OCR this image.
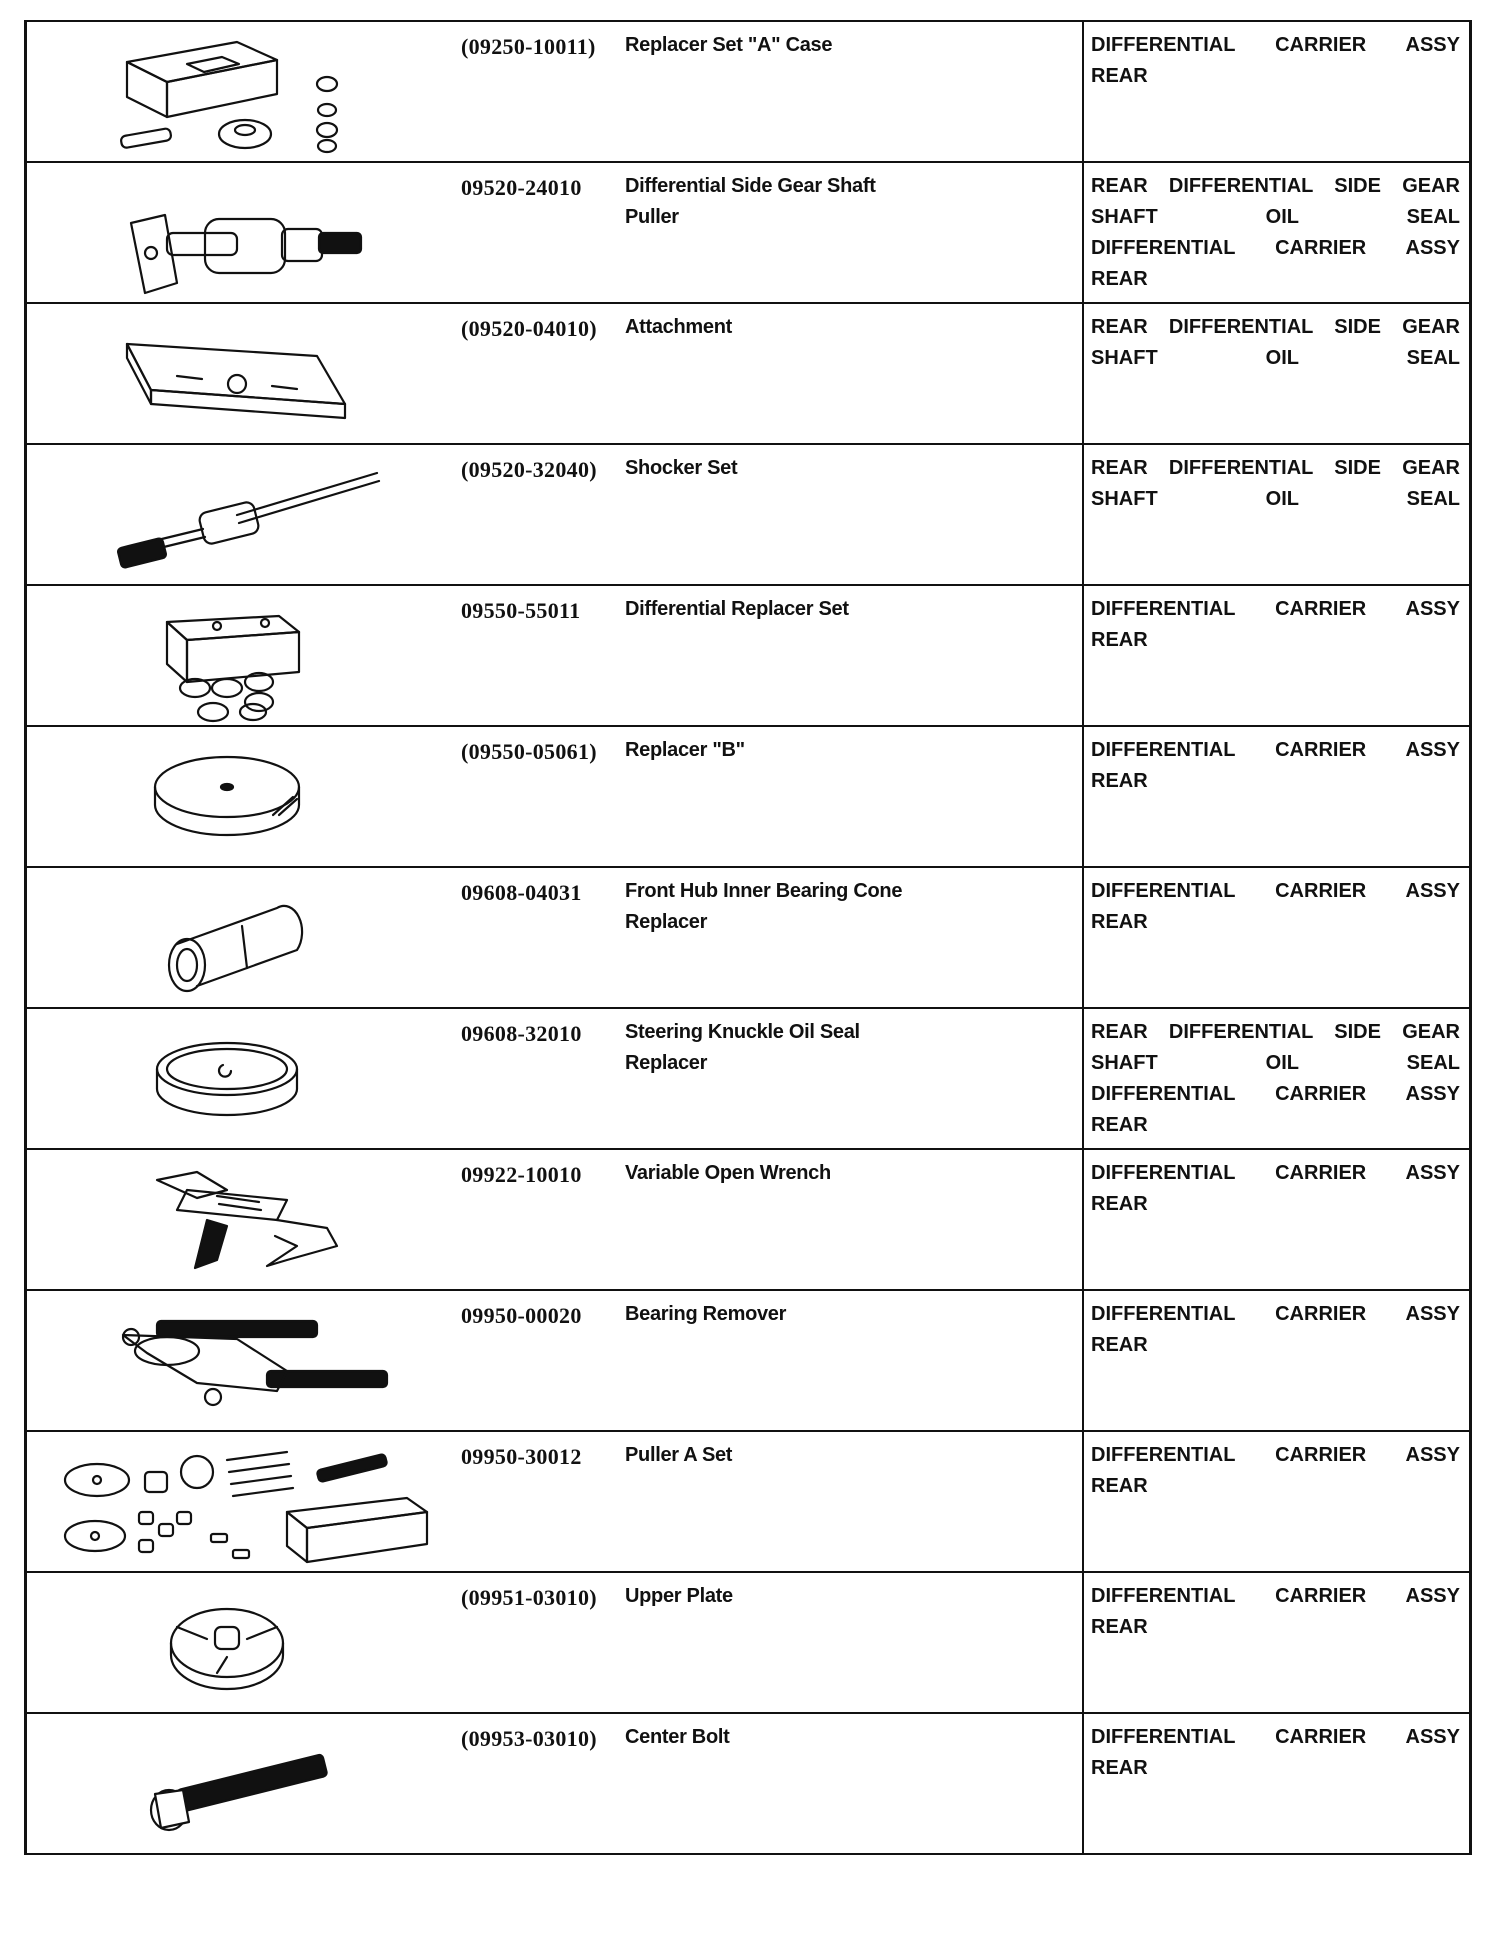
(09250-10011)	Replacer Set "A" Case	DIFFERENTIAL CARRIER ASSY
REAR

09520-24010	Differential Side Gear Shaft
Puller	REAR DIFFERENTIAL SIDE GEAR
SHAFT OIL SEAL
DIFFERENTIAL CARRIER ASSY
REAR

(09520-04010)	Attachment	REAR DIFFERENTIAL SIDE GEAR
SHAFT OIL SEAL

(09520-32040)	Shocker Set	REAR DIFFERENTIAL SIDE GEAR
SHAFT OIL SEAL

09550-55011	Differential Replacer Set	DIFFERENTIAL CARRIER ASSY
REAR

(09550-05061)	Replacer "B"	DIFFERENTIAL CARRIER ASSY
REAR

09608-04031	Front Hub Inner Bearing Cone
Replacer	DIFFERENTIAL CARRIER ASSY
REAR

09608-32010	Steering Knuckle Oil Seal
Replacer	REAR DIFFERENTIAL SIDE GEAR
SHAFT OIL SEAL
DIFFERENTIAL CARRIER ASSY
REAR

09922-10010	Variable Open Wrench	DIFFERENTIAL CARRIER ASSY
REAR

09950-00020	Bearing Remover	DIFFERENTIAL CARRIER ASSY
REAR

09950-30012	Puller A Set	DIFFERENTIAL CARRIER ASSY
REAR

(09951-03010)	Upper Plate	DIFFERENTIAL CARRIER ASSY
REAR

(09953-03010)	Center Bolt	DIFFERENTIAL CARRIER ASSY
REAR
